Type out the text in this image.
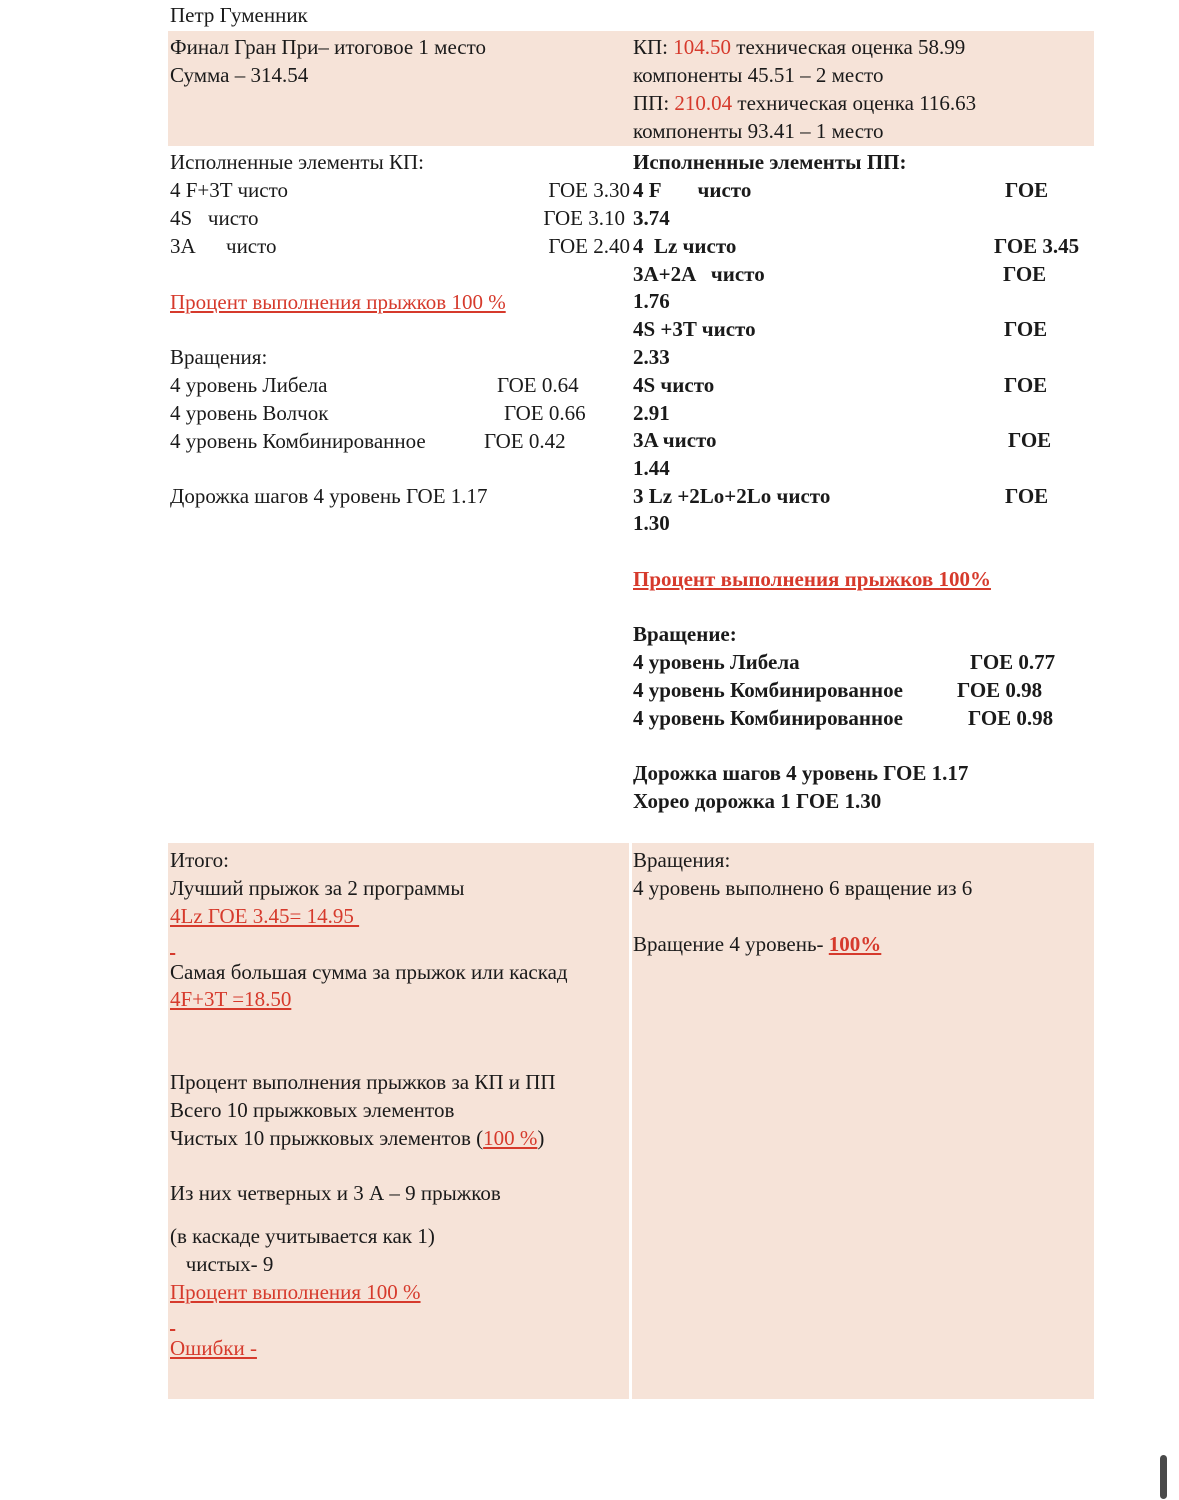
Петр Гуменник
Финал Гран При– итоговое 1 место
Сумма – 314.54
КП: 104.50 техническая оценка 58.99
компоненты 45.51 – 2 место
ПП: 210.04 техническая оценка 116.63
компоненты 93.41 – 1 место
Исполненные элементы КП:
4 F+3T чисто	ГОЕ 3.30
4S   чисто	ГОЕ 3.10
3A      чисто	ГОЕ 2.40
Процент выполнения прыжков 100 %
Вращения:
4 уровень Либела	ГОЕ 0.64
4 уровень Волчок	ГОЕ 0.66
4 уровень Комбинированное	ГОЕ 0.42
Дорожка шагов 4 уровень ГОЕ 1.17
Исполненные элементы ПП:
4 F       чисто	ГОЕ
3.74
4  Lz чисто	ГОЕ 3.45
3A+2A   чисто	ГОЕ
1.76
4S +3T чисто	ГОЕ
2.33
4S чисто	ГОЕ
2.91
3A чисто	ГОЕ
1.44
3 Lz +2Lo+2Lo чисто	ГОЕ
1.30
Процент выполнения прыжков 100%
Вращение:
4 уровень Либела	ГОЕ 0.77
4 уровень Комбинированное	ГОЕ 0.98
4 уровень Комбинированное	ГОЕ 0.98
Дорожка шагов 4 уровень ГОЕ 1.17
Хорео дорожка 1 ГОЕ 1.30
Итого:
Лучший прыжок за 2 программы
4Lz ГОЕ 3.45= 14.95

Самая большая сумма за прыжок или каскад
4F+3T =18.50
Процент выполнения прыжков за КП и ПП
Всего 10 прыжковых элементов
Чистых 10 прыжковых элементов (100 %)
Из них четверных и 3 А – 9 прыжков
(в каскаде учитывается как 1)
чистых- 9
Процент выполнения 100 %

Ошибки -
Вращения:
4 уровень выполнено 6 вращение из 6
Вращение 4 уровень- 100%
